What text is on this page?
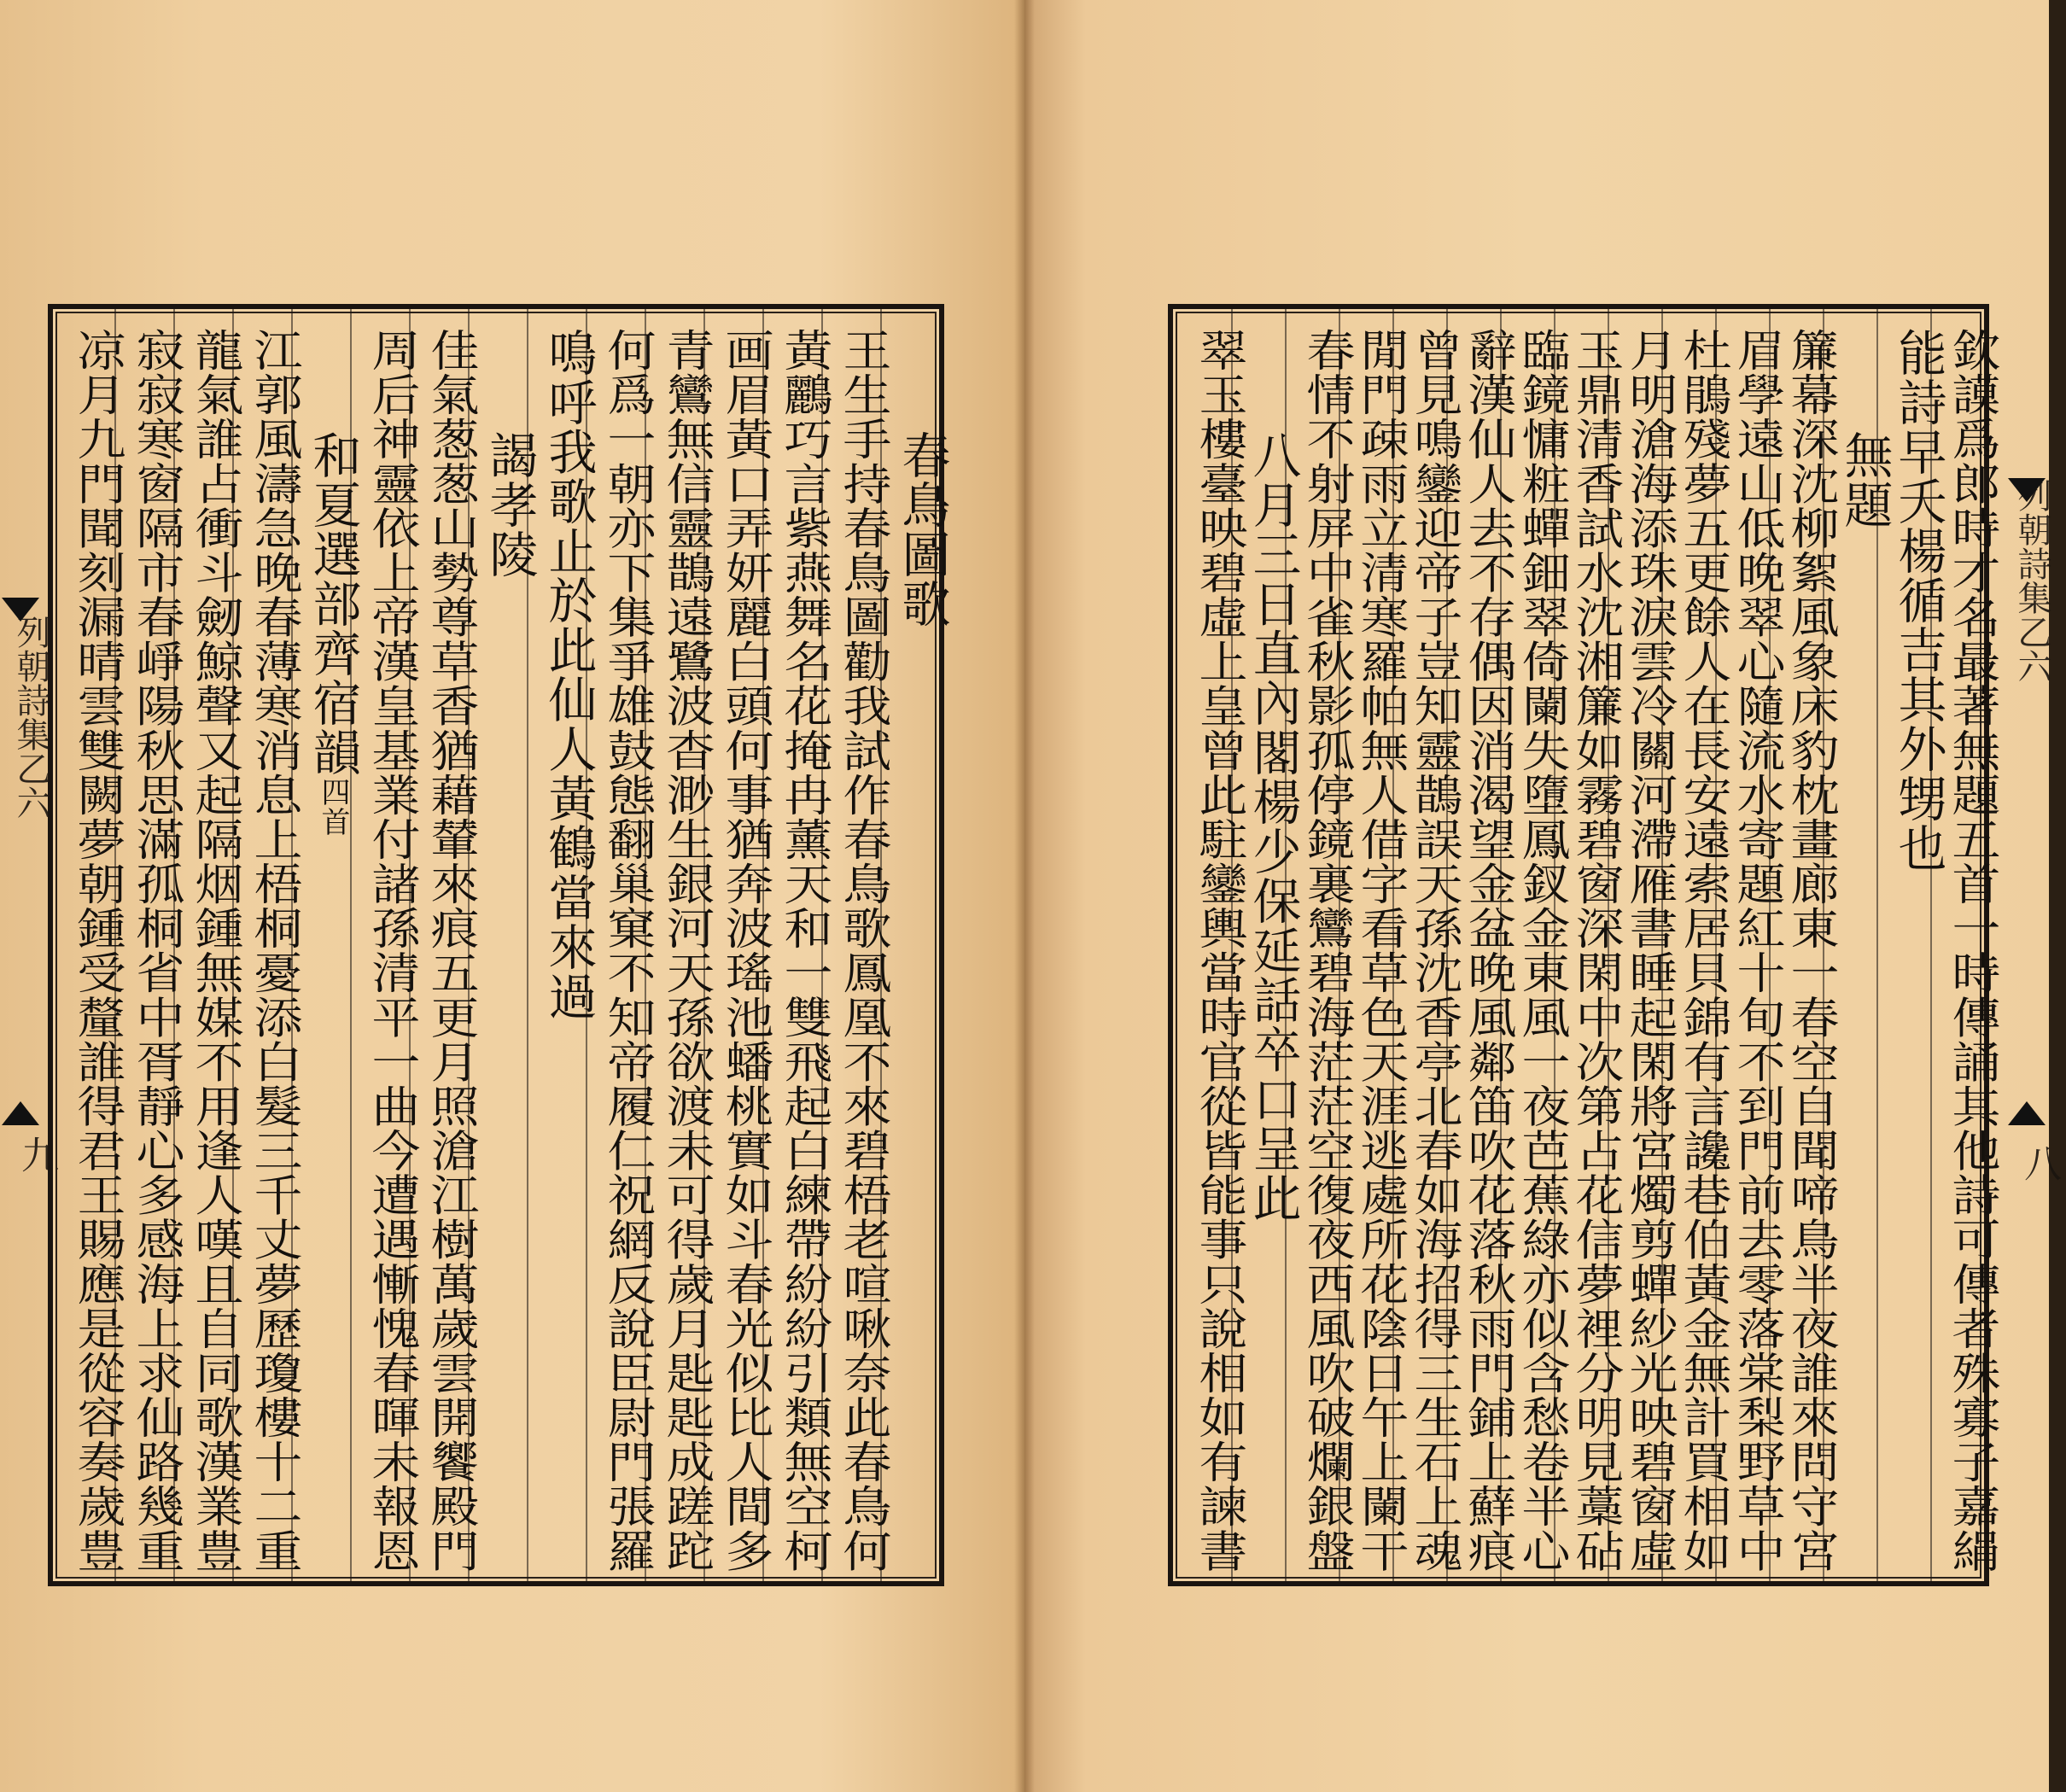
列朝詩集乙六
九
列朝詩集乙六
八
春鳥圖歌
王生手持春鳥圖勸我試作春鳥歌鳳凰不來碧梧老喧啾奈此春鳥何
黃鸝巧言紫燕舞名花掩冉薰天和一雙飛起白練帶紛紛引類無空柯
画眉黃口弄妍麗白頭何事猶奔波瑤池蟠桃實如斗春光似比人間多
青鸞無信靈鵲遠鷺波杳渺生銀河天孫欲渡未可得歲月匙匙成蹉跎
何爲一朝亦下集爭雄鼓態翻巢窠不知帝履仁祝網反說臣尉門張羅
鳴呼我歌止於此仙人黃鶴當來過
謁孝陵
佳氣葱葱山勢尊草香猶藉輦來痕五更月照滄江樹萬歲雲開饗殿門
周后神靈依上帝漢皇基業付諸孫清平一曲今遭遇慚愧春暉未報恩
和夏選部齊宿韻四首
江郭風濤急晚春薄寒消息上梧桐憂添白髮三千丈夢歷瓊樓十二重
龍氣誰占衝斗劒鯨聲又起隔烟鍾無媒不用逢人嘆且自同歌漢業豊
寂寂寒窗隔市春崢陽秋思滿孤桐省中胥靜心多感海上求仙路幾重
凉月九門聞刻漏晴雲雙闕夢朝鍾受釐誰得君王賜應是從容奏歲豊	欽謨爲郎時才名最著無題五首一時傳誦其他詩可傳者殊寡子嘉絹
能詩早夭楊循吉其外甥也
無題
簾幕深沈柳絮風象床豹枕畫廊東一春空自聞啼鳥半夜誰來問守宮
眉學遠山低晚翠心隨流水寄題紅十旬不到門前去零落棠梨野草中
杜鵑殘夢五更餘人在長安遠索居貝錦有言讒巷伯黃金無計買相如
月明滄海添珠淚雲冷關河滯雁書睡起閑將宮燭剪蟬紗光映碧窗虛
玉鼎清香試水沈湘簾如霧碧窗深閑中次第占花信夢裡分明見藁砧
臨鏡慵粧蟬鈿翠倚闌失墮鳳釵金東風一夜芭蕉綠亦似含愁卷半心
辭漢仙人去不存偶因消渴望金盆晚風鄰笛吹花落秋雨門鋪上蘚痕
曾見鳴鑾迎帝子豈知靈鵲誤天孫沈香亭北春如海招得三生石上魂
閒門疎雨立清寒羅帕無人借字看草色天涯逃處所花陰日午上闌干
春情不射屏中雀秋影孤停鏡裏鸞碧海茫茫空復夜西風吹破爛銀盤
八月三日直內閣楊少保延話卒口呈此
翠玉樓臺映碧虛上皇曾此駐鑾輿當時官從皆能事只說相如有諫書
